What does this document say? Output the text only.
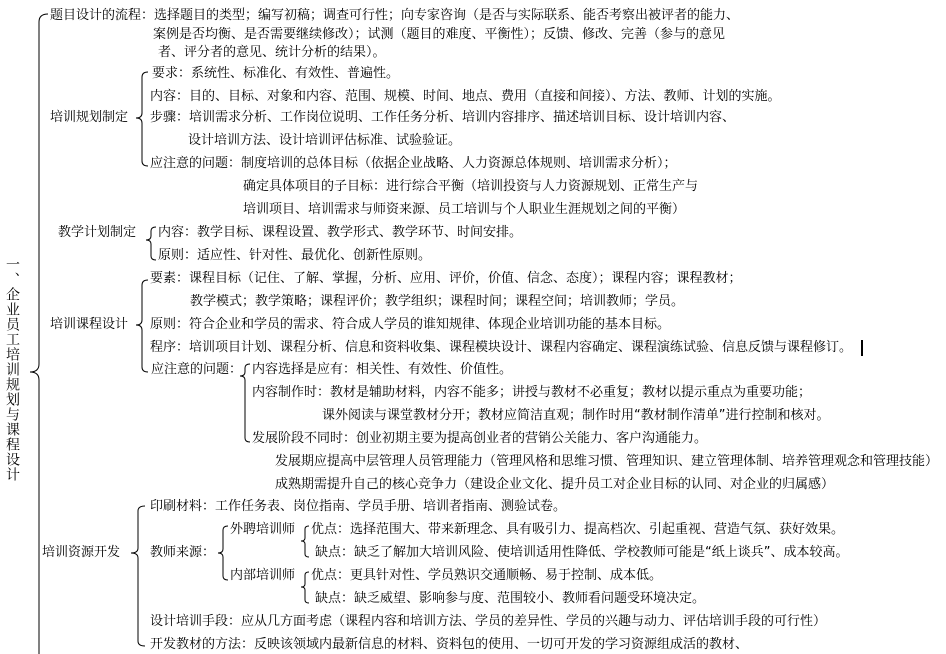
一、企业员工培训规划与课程设计
题目设计的流程：选择题目的类型；编写初稿；调查可行性；向专家咨询（是否与实际联系、能否考察出被评者的能力、
案例是否均衡、是否需要继续修改）；试测（题目的难度、平衡性）；反馈、修改、完善（参与的意见
者、评分者的意见、统计分析的结果）。
培训规划制定
要求：系统性、标准化、有效性、普遍性。
内容：目的、目标、对象和内容、范围、规模、时间、地点、费用（直接和间接）、方法、教师、计划的实施。
步骤：培训需求分析、工作岗位说明、工作任务分析、培训内容排序、描述培训目标、设计培训内容、
设计培训方法、设计培训评估标准、试验验证。
应注意的问题：制度培训的总体目标（依据企业战略、人力资源总体规则、培训需求分析）；
确定具体项目的子目标：进行综合平衡（培训投资与人力资源规划、正常生产与
培训项目、培训需求与师资来源、员工培训与个人职业生涯规划之间的平衡）
教学计划制定 内容：教学目标、课程设置、教学形式、教学环节、时间安排。
原则：适应性、针对性、最优化、创新性原则。
培训课程设计
要素：课程目标（记住、了解、掌握，分析、应用、评价，价值、信念、态度）；课程内容；课程教材；
教学模式；教学策略；课程评价；教学组织；课程时间；课程空间；培训教师；学员。
原则：符合企业和学员的需求、符合成人学员的谁知规律、体现企业培训功能的基本目标。
程序：培训项目计划、课程分析、信息和资料收集、课程模块设计、课程内容确定、课程演练试验、信息反馈与课程修订。
应注意的问题： 内容选择是应有：相关性、有效性、价值性。
内容制作时：教材是辅助材料，内容不能多；讲授与教材不必重复；教材以提示重点为重要功能；
课外阅读与课堂教材分开；教材应简洁直观；制作时用“教材制作清单”进行控制和核对。
发展阶段不同时：创业初期主要为提高创业者的营销公关能力、客户沟通能力。
发展期应提高中层管理人员管理能力（管理风格和思维习惯、管理知识、建立管理体制、培养管理观念和管理技能）
成熟期需提升自己的核心竞争力（建设企业文化、提升员工对企业目标的认同、对企业的归属感）
培训资源开发
印刷材料：工作任务表、岗位指南、学员手册、培训者指南、测验试卷。
教师来源：
外聘培训师 优点：选择范围大、带来新理念、具有吸引力、提高档次、引起重视、营造气氛、获好效果。
缺点：缺乏了解加大培训风险、使培训适用性降低、学校教师可能是“纸上谈兵”、成本较高。
内部培训师 优点：更具针对性、学员熟识交通顺畅、易于控制、成本低。
缺点：缺乏威望、影响参与度、范围较小、教师看问题受环境决定。
设计培训手段：应从几方面考虑（课程内容和培训方法、学员的差异性、学员的兴趣与动力、评估培训手段的可行性）
开发教材的方法：反映该领域内最新信息的材料、资料包的使用、一切可开发的学习资源组成活的教材、
